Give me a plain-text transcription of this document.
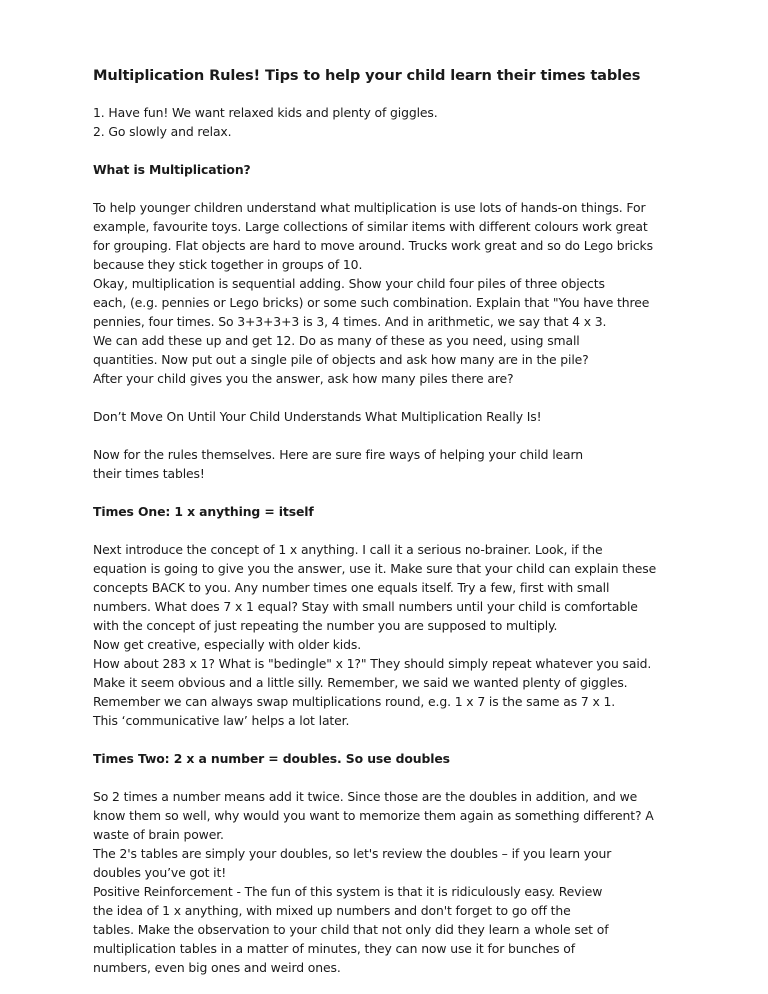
Multiplication Rules! Tips to help your child learn their times tables

1. Have fun! We want relaxed kids and plenty of giggles.

2. Go slowly and relax.

What is Multiplication?

To help younger children understand what multiplication is use lots of hands-on things. For

example, favourite toys. Large collections of similar items with different colours work great

for grouping. Flat objects are hard to move around. Trucks work great and so do Lego bricks

because they stick together in groups of 10.

Okay, multiplication is sequential adding. Show your child four piles of three objects

each, (e.g. pennies or Lego bricks) or some such combination. Explain that "You have three

pennies, four times. So 3+3+3+3 is 3, 4 times. And in arithmetic, we say that 4 x 3.

We can add these up and get 12. Do as many of these as you need, using small

quantities. Now put out a single pile of objects and ask how many are in the pile?

After your child gives you the answer, ask how many piles there are?

Don’t Move On Until Your Child Understands What Multiplication Really Is!

Now for the rules themselves. Here are sure fire ways of helping your child learn

their times tables!

Times One: 1 x anything = itself

Next introduce the concept of 1 x anything. I call it a serious no-brainer. Look, if the

equation is going to give you the answer, use it. Make sure that your child can explain these

concepts BACK to you. Any number times one equals itself. Try a few, first with small

numbers. What does 7 x 1 equal? Stay with small numbers until your child is comfortable

with the concept of just repeating the number you are supposed to multiply.

Now get creative, especially with older kids.

How about 283 x 1? What is "bedingle" x 1?" They should simply repeat whatever you said.

Make it seem obvious and a little silly. Remember, we said we wanted plenty of giggles.

Remember we can always swap multiplications round, e.g. 1 x 7 is the same as 7 x 1.

This ‘communicative law’ helps a lot later.

Times Two: 2 x a number = doubles. So use doubles

So 2 times a number means add it twice. Since those are the doubles in addition, and we

know them so well, why would you want to memorize them again as something different? A

waste of brain power.

The 2's tables are simply your doubles, so let's review the doubles – if you learn your

doubles you’ve got it!

Positive Reinforcement - The fun of this system is that it is ridiculously easy. Review

the idea of 1 x anything, with mixed up numbers and don't forget to go off the

tables. Make the observation to your child that not only did they learn a whole set of

multiplication tables in a matter of minutes, they can now use it for bunches of

numbers, even big ones and weird ones.
